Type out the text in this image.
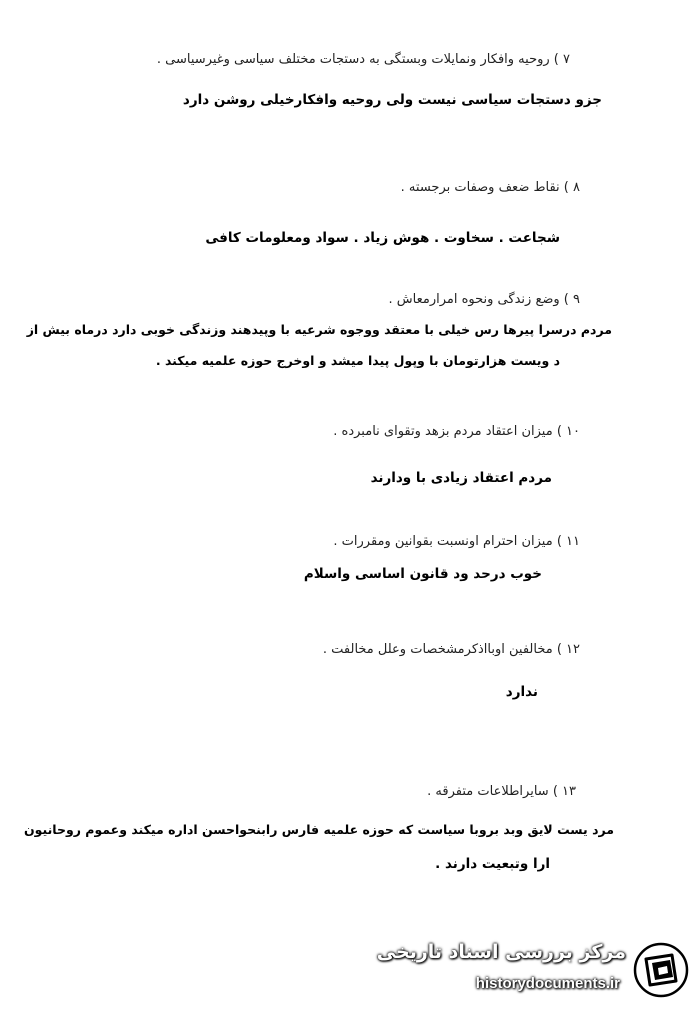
۷ ) روحیه وافکار ونمایلات وبستگی به دستجات مختلف سیاسی وغیرسیاسی .
جزو دستجات سیاسی نیست ولی روحیه وافکارخیلی روشن دارد
۸ ) نقاط ضعف وصفات برجسته .
شجاعت . سخاوت . هوش زیاد . سواد ومعلومات کافی
۹ ) وضع زندگی ونحوه امرارمعاش .
مردم درسرا پیرها رس خیلی با معتقد ووجوه شرعیه با وپیدهند وزندگی خوبی دارد درماه بیش از
د ویست هزارتومان با وپول پیدا میشد و اوخرج حوزه علمیه میکند .
۱۰ ) میزان اعتقاد مردم بزهد وتقوای نامبرده .
مردم اعتقاد زیادی با ودارند
۱۱ ) میزان احترام اونسبت بقوانین ومقررات .
خوب درحد ود قانون اساسی واسلام
۱۲ ) مخالفین اوبااذکرمشخصات وعلل مخالفت .
ندارد
۱۳ ) سایراطلاعات متفرقه .
مرد یست لایق وبد بروبا سیاست که حوزه علمیه فارس رابنحواحسن اداره میکند وعموم روحانیون
ارا وتبعیت دارند .
مرکز بررسی اسناد تاریخی
historydocuments.ir
